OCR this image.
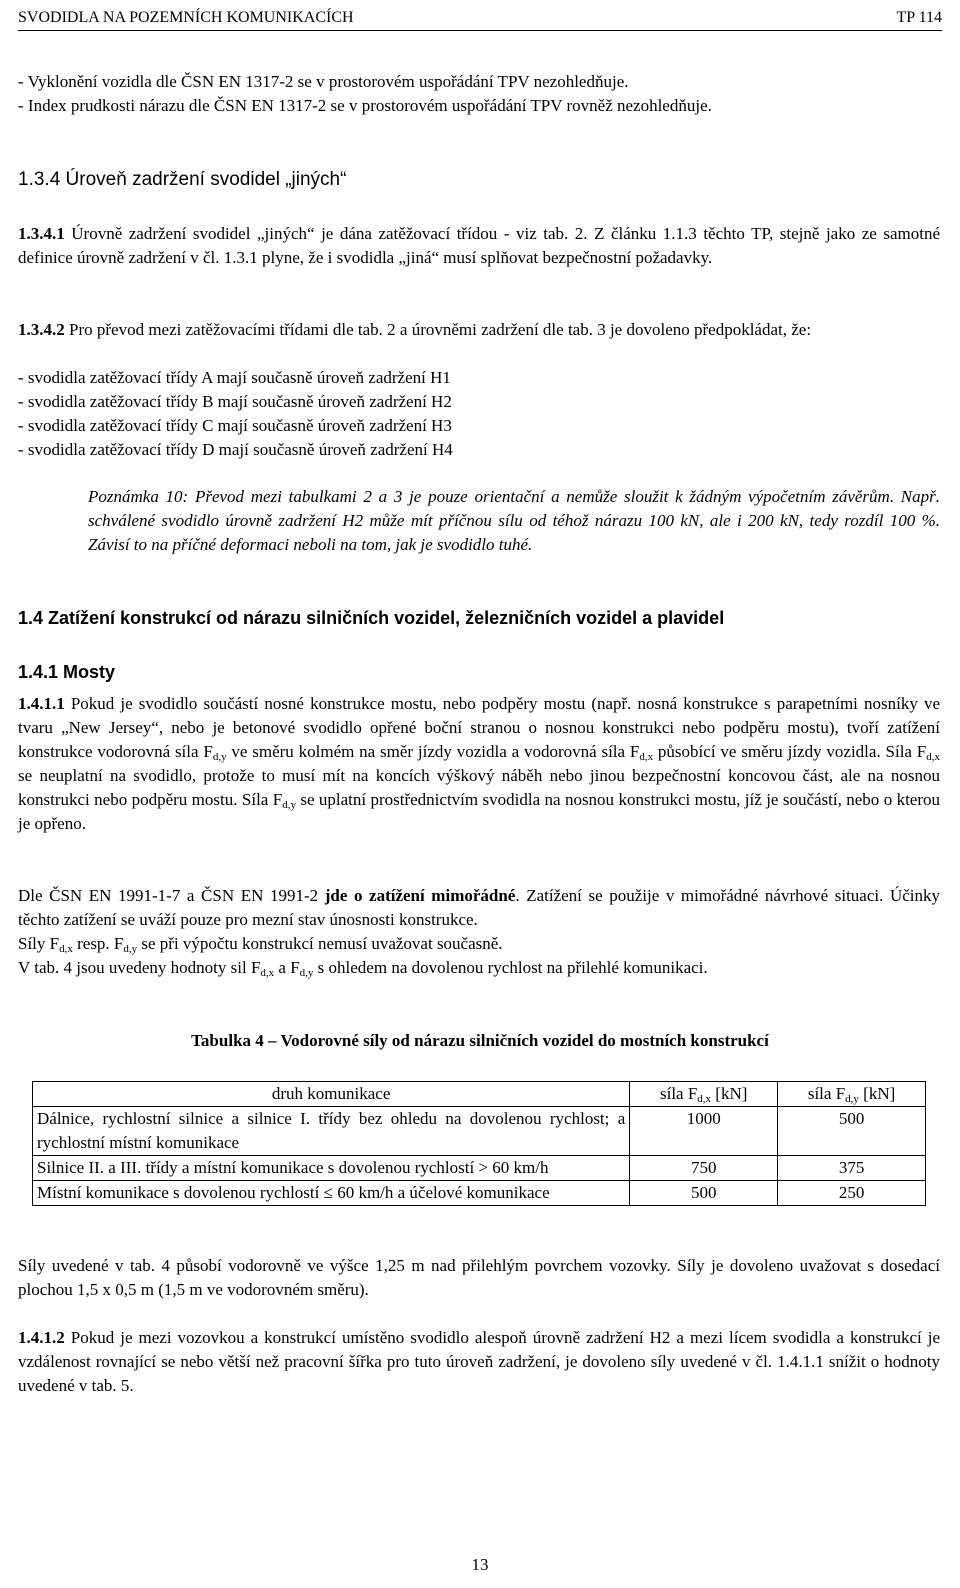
SVODIDLA NA POZEMNÍCH KOMUNIKACÍCH	TP 114
- Vyklonění vozidla dle ČSN EN 1317-2 se v prostorovém uspořádání TPV nezohledňuje.
- Index prudkosti nárazu dle ČSN EN 1317-2 se v prostorovém uspořádání TPV rovněž nezohledňuje.
1.3.4 Úroveň zadržení svodidel „jiných“
1.3.4.1 Úrovně zadržení svodidel „jiných“ je dána zatěžovací třídou - viz tab. 2. Z článku 1.1.3 těchto TP, stejně jako ze samotné definice úrovně zadržení v čl. 1.3.1 plyne, že i svodidla „jiná“ musí splňovat bezpečnostní požadavky.
1.3.4.2 Pro převod mezi zatěžovacími třídami dle tab. 2 a úrovněmi zadržení dle tab. 3 je dovoleno předpokládat, že:
- svodidla zatěžovací třídy A mají současně úroveň zadržení H1
- svodidla zatěžovací třídy B mají současně úroveň zadržení H2
- svodidla zatěžovací třídy C mají současně úroveň zadržení H3
- svodidla zatěžovací třídy D mají současně úroveň zadržení H4
Poznámka 10: Převod mezi tabulkami 2 a 3 je pouze orientační a nemůže sloužit k žádným výpočetním závěrům. Např. schválené svodidlo úrovně zadržení H2 může mít příčnou sílu od téhož nárazu 100 kN, ale i 200 kN, tedy rozdíl 100 %. Závisí to na příčné deformaci neboli na tom, jak je svodidlo tuhé.
1.4 Zatížení konstrukcí od nárazu silničních vozidel, železničních vozidel a plavidel
1.4.1 Mosty
1.4.1.1 Pokud je svodidlo součástí nosné konstrukce mostu, nebo podpěry mostu (např. nosná konstrukce s parapetními nosníky ve tvaru „New Jersey“, nebo je betonové svodidlo opřené boční stranou o nosnou konstrukci nebo podpěru mostu), tvoří zatížení konstrukce vodorovná síla $F_{d,y}$ ve směru kolmém na směr jízdy vozidla a vodorovná síla $F_{d,x}$ působící ve směru jízdy vozidla. Síla $F_{d,x}$ se neuplatní na svodidlo, protože to musí mít na koncích výškový náběh nebo jinou bezpečnostní koncovou část, ale na nosnou konstrukci nebo podpěru mostu. Síla $F_{d,y}$ se uplatní prostřednictvím svodidla na nosnou konstrukci mostu, jíž je součástí, nebo o kterou je opřeno.
Dle ČSN EN 1991-1-7 a ČSN EN 1991-2 jde o zatížení mimořádné. Zatížení se použije v mimořádné návrhové situaci. Účinky těchto zatížení se uváží pouze pro mezní stav únosnosti konstrukce.
Síly $F_{d,x}$ resp. $F_{d,y}$ se při výpočtu konstrukcí nemusí uvažovat současně.
V tab. 4 jsou uvedeny hodnoty sil $F_{d,x}$ a $F_{d,y}$ s ohledem na dovolenou rychlost na přilehlé komunikaci.
Tabulka 4 – Vodorovné síly od nárazu silničních vozidel do mostních konstrukcí
druh komunikace	síla $F_{d,x}$ [kN]	síla $F_{d,y}$ [kN]
Dálnice, rychlostní silnice a silnice I. třídy bez ohledu na dovolenou rychlost; a rychlostní místní komunikace	1000	500
Silnice II. a III. třídy a místní komunikace s dovolenou rychlostí > 60 km/h	750	375
Místní komunikace s dovolenou rychlostí ≤ 60 km/h a účelové komunikace	500	250
Síly uvedené v tab. 4 působí vodorovně ve výšce 1,25 m nad přilehlým povrchem vozovky. Síly je dovoleno uvažovat s dosedací plochou 1,5 x 0,5 m (1,5 m ve vodorovném směru).
1.4.1.2 Pokud je mezi vozovkou a konstrukcí umístěno svodidlo alespoň úrovně zadržení H2 a mezi lícem svodidla a konstrukcí je vzdálenost rovnající se nebo větší než pracovní šířka pro tuto úroveň zadržení, je dovoleno síly uvedené v čl. 1.4.1.1 snížit o hodnoty uvedené v tab. 5.
13
